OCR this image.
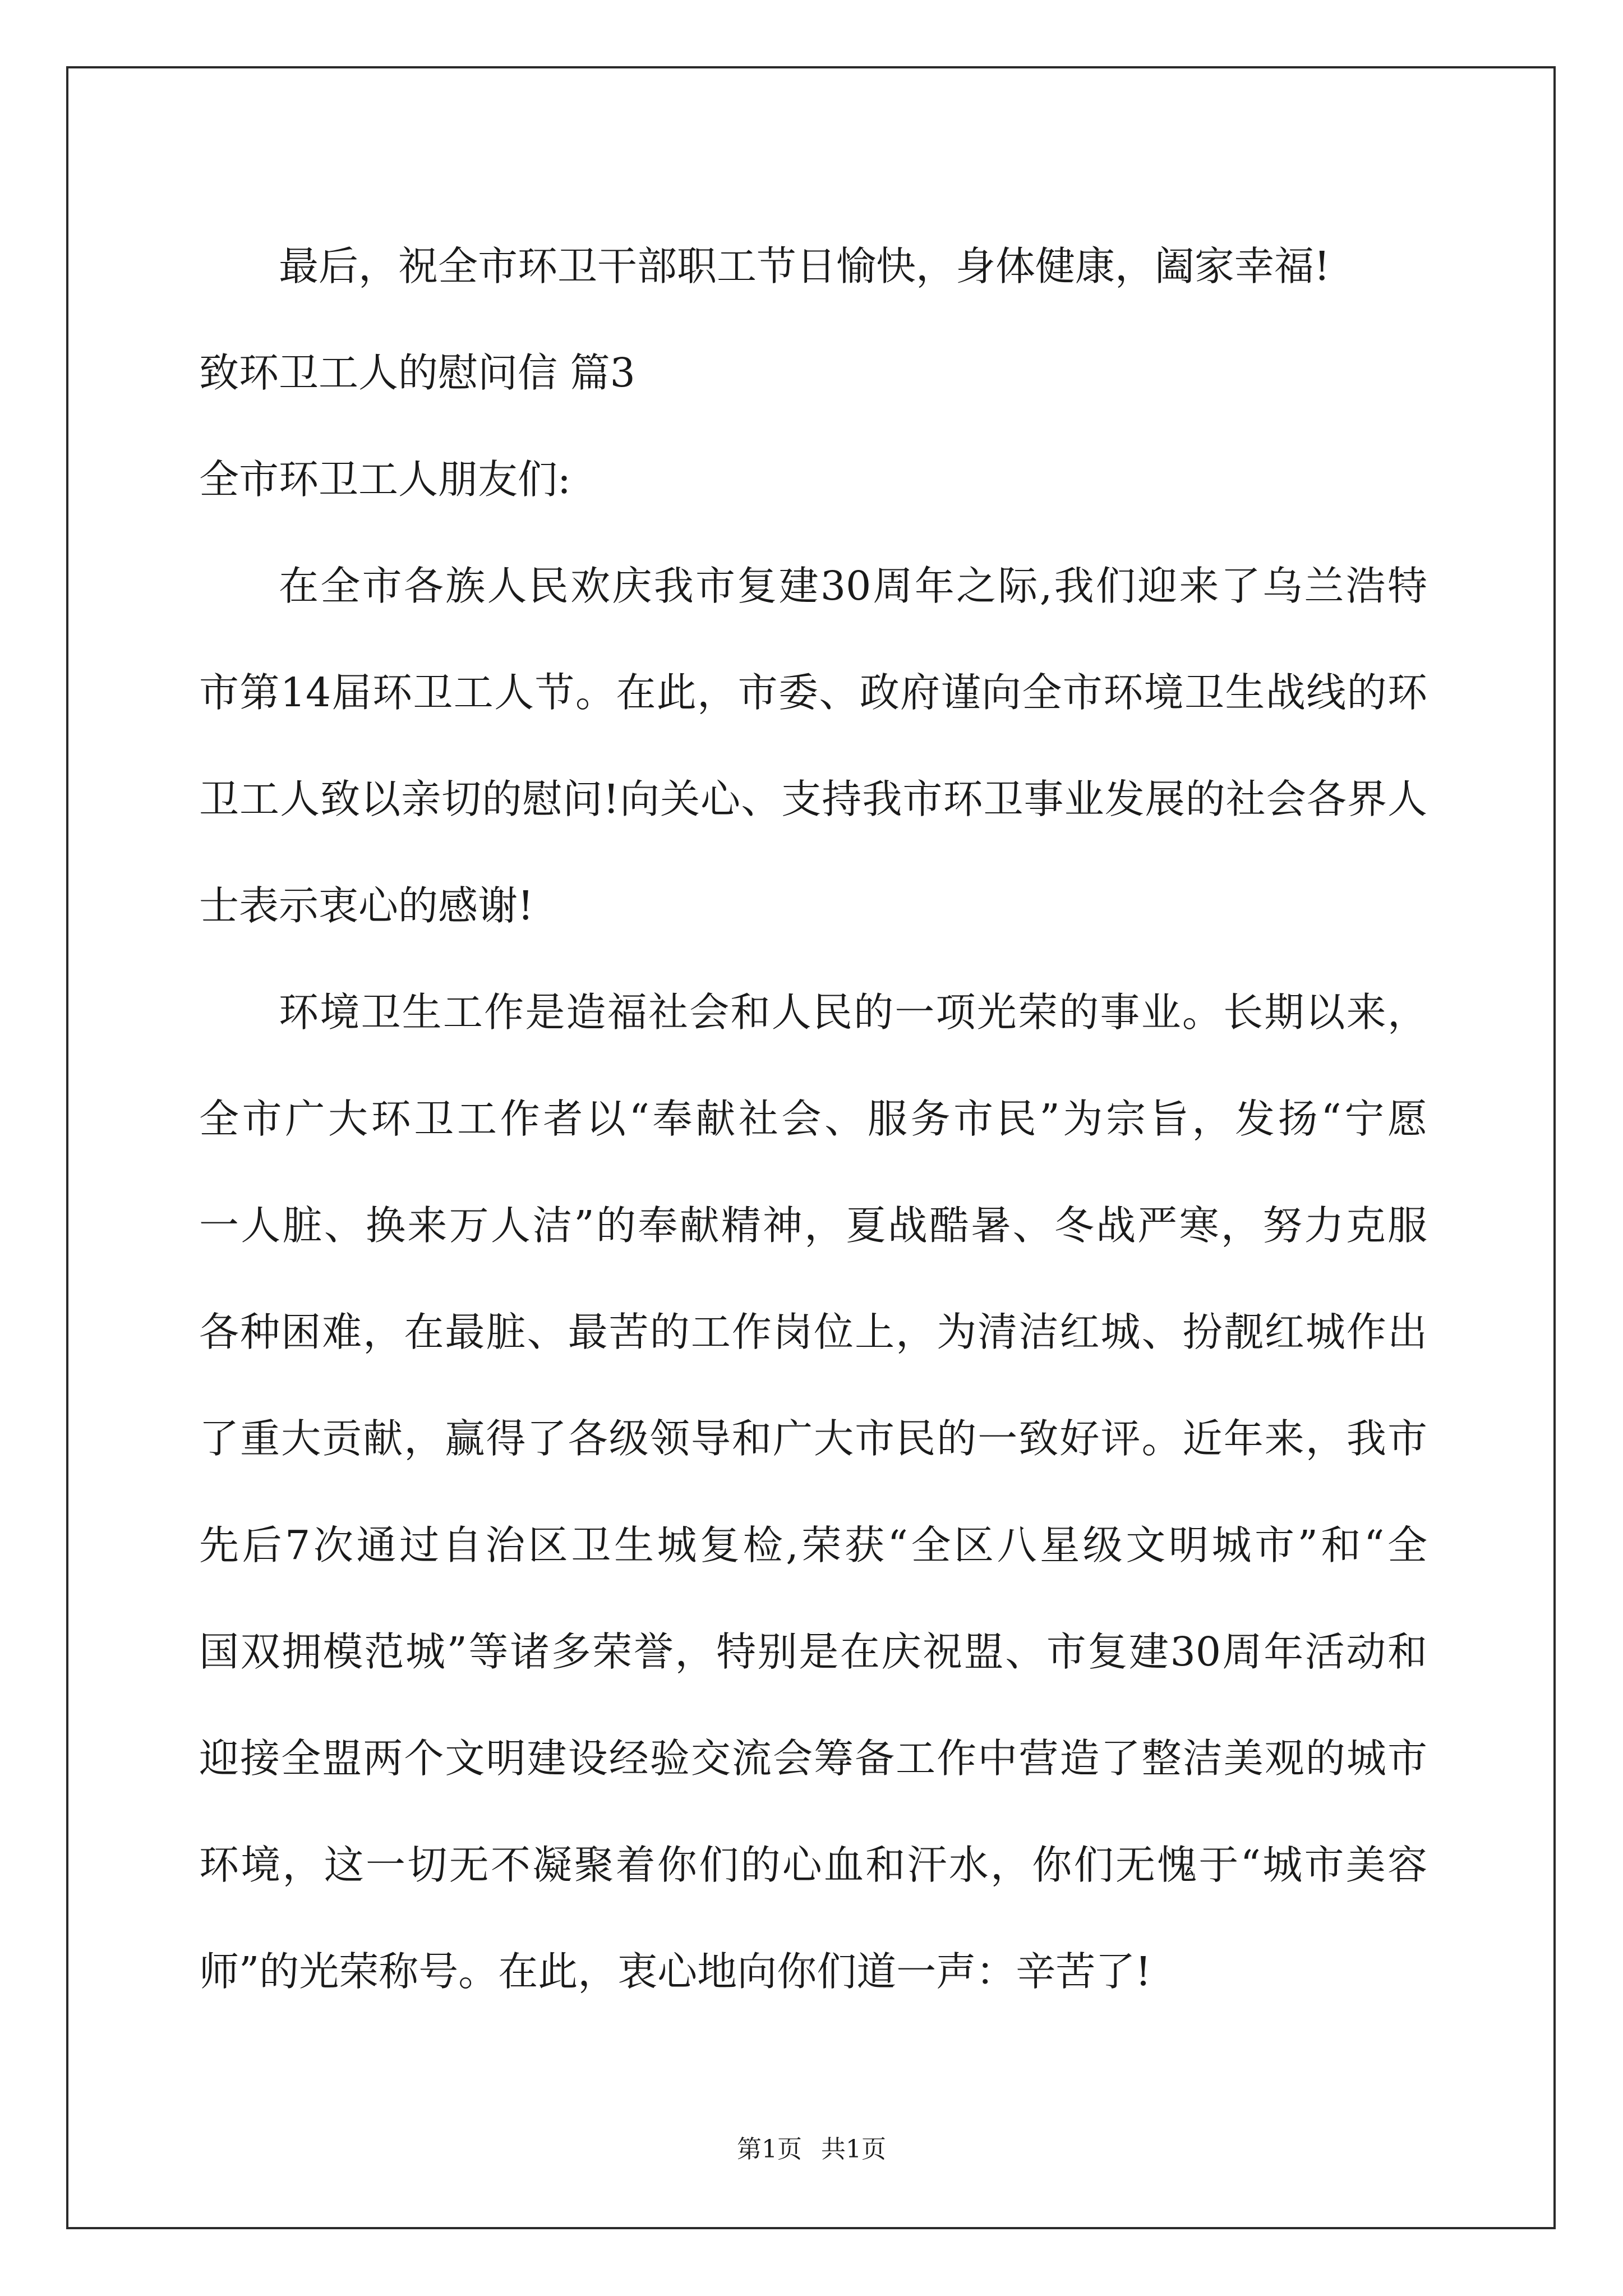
最后，祝全市环卫干部职工节日愉快，身体健康，阖家幸福!
致环卫工人的慰问信 篇3
全市环卫工人朋友们:
在全市各族人民欢庆我市复建30周年之际,我们迎来了乌兰浩特
市第14届环卫工人节。在此，市委、政府谨向全市环境卫生战线的环
卫工人致以亲切的慰问!向关心、支持我市环卫事业发展的社会各界人
士表示衷心的感谢!
环境卫生工作是造福社会和人民的一项光荣的事业。长期以来，
全市广大环卫工作者以“奉献社会、服务市民”为宗旨，发扬“宁愿
一人脏、换来万人洁”的奉献精神，夏战酷暑、冬战严寒，努力克服
各种困难，在最脏、最苦的工作岗位上，为清洁红城、扮靓红城作出
了重大贡献，赢得了各级领导和广大市民的一致好评。近年来，我市
先后7次通过自治区卫生城复检,荣获“全区八星级文明城市”和“全
国双拥模范城”等诸多荣誉，特别是在庆祝盟、市复建30周年活动和
迎接全盟两个文明建设经验交流会筹备工作中营造了整洁美观的城市
环境，这一切无不凝聚着你们的心血和汗水，你们无愧于“城市美容
师”的光荣称号。在此，衷心地向你们道一声：辛苦了!
第1页 共1页
